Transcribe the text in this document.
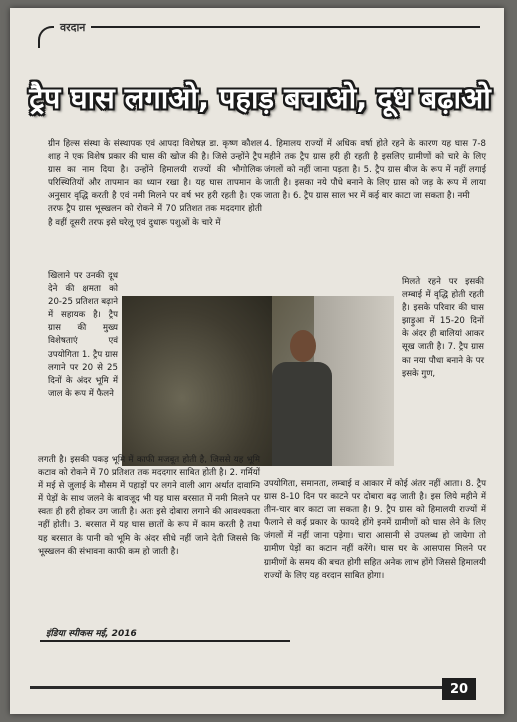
वरदान
ट्रैप घास लगाओ, पहाड़ बचाओ, दूध बढ़ाओ

ग्रीन हिल्स संस्था के संस्थापक एवं आपदा विशेषज्ञ डा. कृष्ण कौशल शाह ने एक विशेष प्रकार की घास की खोज की है। जिसे उन्होंने ट्रैप ग्रास का नाम दिया है। उन्होंने हिमालयी राज्यों की भौगोलिक परिस्थितियों और तापमान का ध्यान रखा है। यह घास तापमान के अनुसार वृद्धि करती है एवं नमी मिलने पर वर्ष भर हरी रहती है। एक तरफ ट्रैप ग्रास भूस्खलन को रोकने में 70 प्रतिशत तक मददगार होती है वहीं दूसरी तरफ इसे घरेलू एवं दुधारू पशुओं के चारे में

खिलाने पर उनकी दूध देने की क्षमता को 20-25 प्रतिशत बढ़ाने में सहायक है। ट्रैप ग्रास की मुख्य विशेषताएं एवं उपयोगिता 1. ट्रैप ग्रास लगाने पर 20 से 25 दिनों के अंदर भूमि में जाल के रूप में फैलने

लगती है। इसकी पकड़ भूमि में काफी मजबूत होती है, जिससे यह भूमि कटाव को रोकने में 70 प्रतिशत तक मददगार साबित होती है। 2. गर्मियों में मई से जुलाई के मौसम में पहाड़ों पर लगने वाली आग अर्थात दावाग्नि में पेड़ों के साथ जलने के बावजूद भी यह घास बरसात में नमी मिलने पर स्वतः ही हरी होकर उग जाती है। अतः इसे दोबारा लगाने की आवश्यकता नहीं होती। 3. बरसात में यह घास छातों के रूप में काम करती है तथा यह बरसात के पानी को भूमि के अंदर सीधे नहीं जाने देती जिससे कि भूस्खलन की संभावना काफी कम हो जाती है।

4. हिमालय राज्यों में अधिक वर्षा होते रहने के कारण यह घास 7-8 महीने तक ट्रैप ग्रास हरी ही रहती है इसलिए ग्रामीणों को चारे के लिए जंगलों को नहीं जाना पड़ता है। 5. ट्रैप ग्रास बीज के रूप में नहीं लगाई जाती है। इसका नये पौधे बनाने के लिए ग्रास को जड़ के रूप में लाया जाता है। 6. ट्रैप ग्रास साल भर में कई बार काटा जा सकता है। नमी

मिलते रहने पर इसकी लम्बाई में वृद्धि होती रहती है। इसके परिवार की घास झाड़ुआ में 15-20 दिनों के अंदर ही बालियां आकर सूख जाती है। 7. ट्रैप ग्रास का नया पौधा बनाने के पर इसके गुण,

उपयोगिता, समानता, लम्बाई व आकार में कोई अंतर नहीं आता। 8. ट्रैप ग्रास 8-10 दिन पर काटने पर दोबारा बढ़ जाती है। इस लिये महीने में तीन-चार बार काटा जा सकता है। 9. ट्रैप ग्रास को हिमालयी राज्यों में फैलाने से कई प्रकार के फायदे होंगे इनमें ग्रामीणों को घास लेने के लिए जंगलों में नहीं जाना पड़ेगा। चारा आसानी से उपलब्ध हो जायेगा तो ग्रामीण पेड़ों का कटान नहीं करेंगे। घास घर के आसपास मिलने पर ग्रामीणों के समय की बचत होगी सहित अनेक लाभ होंगे जिससे हिमालयी राज्यों के लिए यह वरदान साबित होगा।

इंडिया स्पीकस मई, 2016
20
